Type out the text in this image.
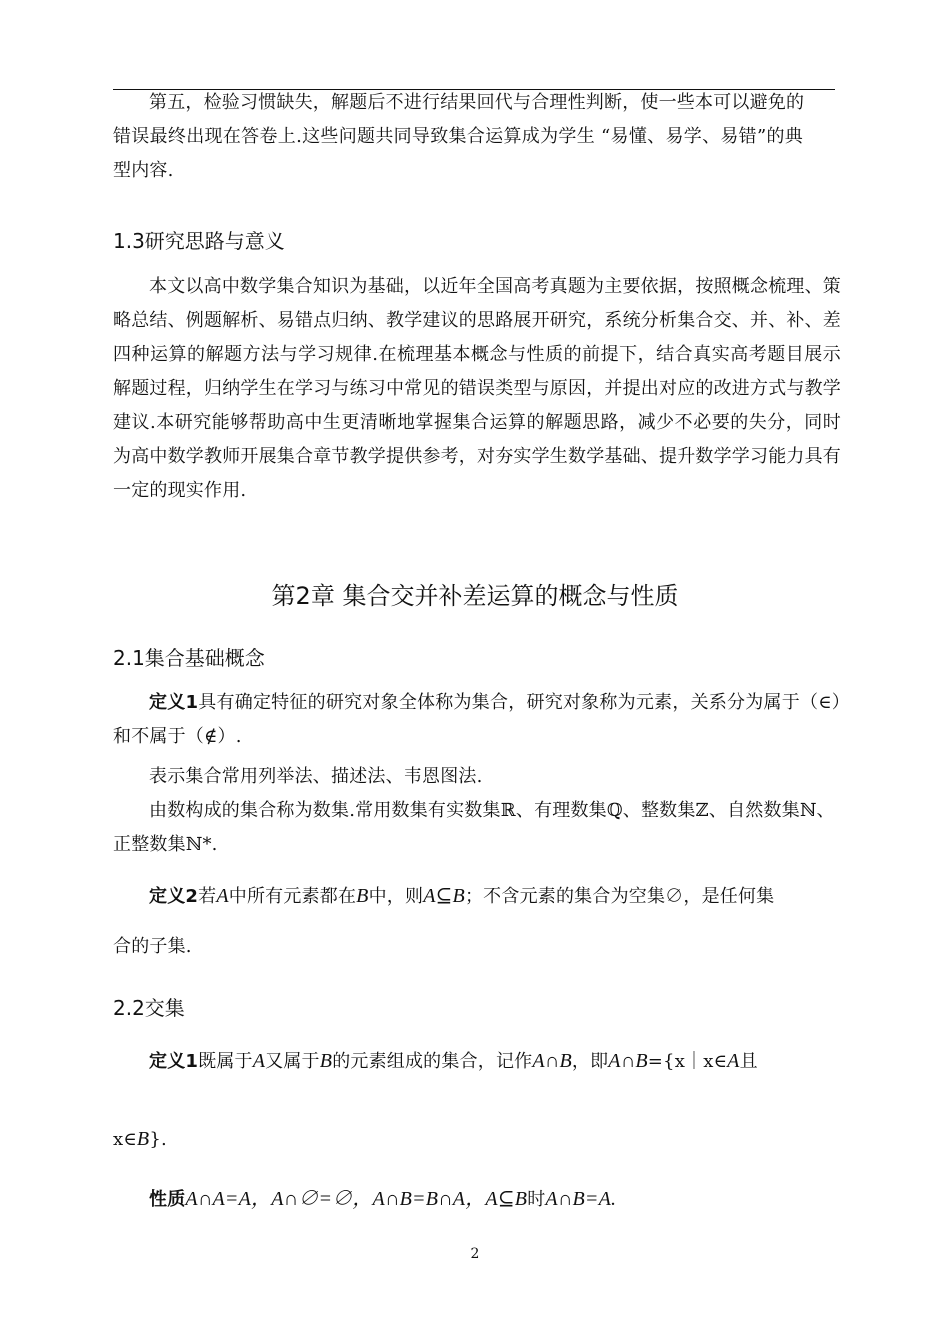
第五，检验习惯缺失，解题后不进行结果回代与合理性判断，使一些本可以避免的
错误最终出现在答卷上.这些问题共同导致集合运算成为学生 “易懂、易学、易错”的典型内容.
1.3研究思路与意义
本文以高中数学集合知识为基础，以近年全国高考真题为主要依据，按照概念梳理、策略总结、例题解析、易错点归纳、教学建议的思路展开研究，系统分析集合交、并、补、差四种运算的解题方法与学习规律.在梳理基本概念与性质的前提下，结合真实高考题目展示解题过程，归纳学生在学习与练习中常见的错误类型与原因，并提出对应的改进方式与教学建议.本研究能够帮助高中生更清晰地掌握集合运算的解题思路，减少不必要的失分，同时为高中数学教师开展集合章节教学提供参考，对夯实学生数学基础、提升数学学习能力具有一定的现实作用.
第2章 集合交并补差运算的概念与性质
2.1集合基础概念
定义1具有确定特征的研究对象全体称为集合，研究对象称为元素，关系分为属于（∈）和不属于（∉）.
表示集合常用列举法、描述法、韦恩图法.
由数构成的集合称为数集.常用数集有实数集ℝ、有理数集ℚ、整数集ℤ、自然数集ℕ、正整数集ℕ*.
定义2若A中所有元素都在B中，则A⊆B；不含元素的集合为空集∅，是任何集
合的子集.
2.2交集
定义1既属于A又属于B的元素组成的集合，记作A∩B，即A∩B={x｜x∈A且
x∈B}.
性质A∩A=A，A∩∅=∅，A∩B=B∩A，A⊆B时A∩B=A.
2
